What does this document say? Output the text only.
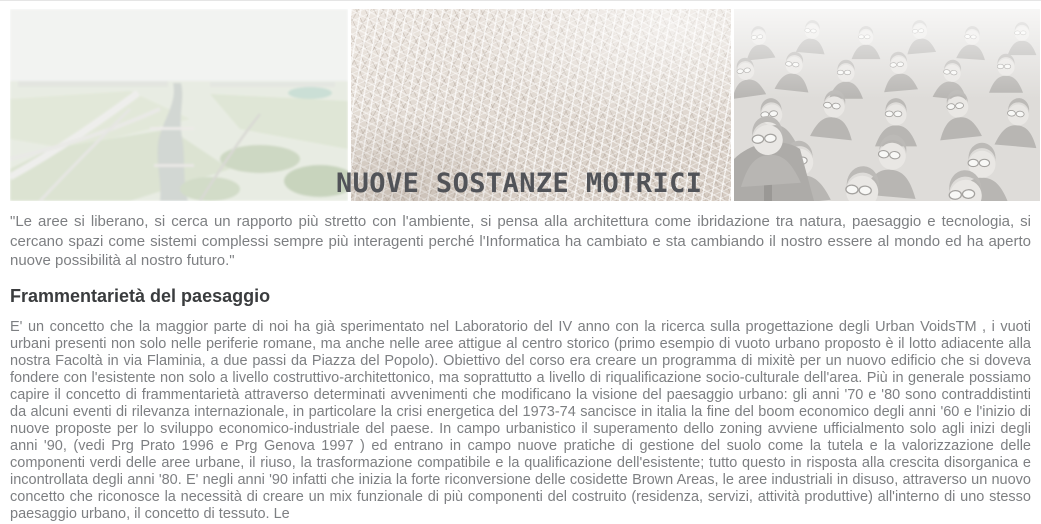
NUOVE SOSTANZE MOTRICI

"Le aree si liberano, si cerca un rapporto più stretto con l'ambiente, si pensa alla architettura come ibridazione tra natura, paesaggio e tecnologia, si cercano spazi come sistemi complessi sempre più interagenti perché l'Informatica ha cambiato e sta cambiando il nostro essere al mondo ed ha aperto nuove possibilità al nostro futuro."

Frammentarietà del paesaggio

E' un concetto che la maggior parte di noi ha già sperimentato nel Laboratorio del IV anno con la ricerca sulla progettazione degli Urban VoidsTM , i vuoti urbani presenti non solo nelle periferie romane, ma anche nelle aree attigue al centro storico (primo esempio di vuoto urbano proposto è il lotto adiacente alla nostra Facoltà in via Flaminia, a due passi da Piazza del Popolo). Obiettivo del corso era creare un programma di mixitè per un nuovo edificio che si doveva fondere con l'esistente non solo a livello costruttivo-architettonico, ma soprattutto a livello di riqualificazione socio-culturale dell'area. Più in generale possiamo capire il concetto di frammentarietà attraverso determinati avvenimenti che modificano la visione del paesaggio urbano: gli anni '70 e '80 sono contraddistinti da alcuni eventi di rilevanza internazionale, in particolare la crisi energetica del 1973-74 sancisce in italia la fine del boom economico degli anni '60 e l'inizio di nuove proposte per lo sviluppo economico-industriale del paese. In campo urbanistico il superamento dello zoning avviene ufficialmento solo agli inizi degli anni '90, (vedi Prg Prato 1996 e Prg Genova 1997 ) ed entrano in campo nuove pratiche di gestione del suolo come la tutela e la valorizzazione delle componenti verdi delle aree urbane, il riuso, la trasformazione compatibile e la qualificazione dell'esistente; tutto questo in risposta alla crescita disorganica e incontrollata degli anni '80. E' negli anni '90 infatti che inizia la forte riconversione delle cosidette Brown Areas, le aree industriali in disuso, attraverso un nuovo concetto che riconosce la necessità di creare un mix funzionale di più componenti del costruito (residenza, servizi, attività produttive) all'interno di uno stesso paesaggio urbano, il concetto di tessuto. Le
